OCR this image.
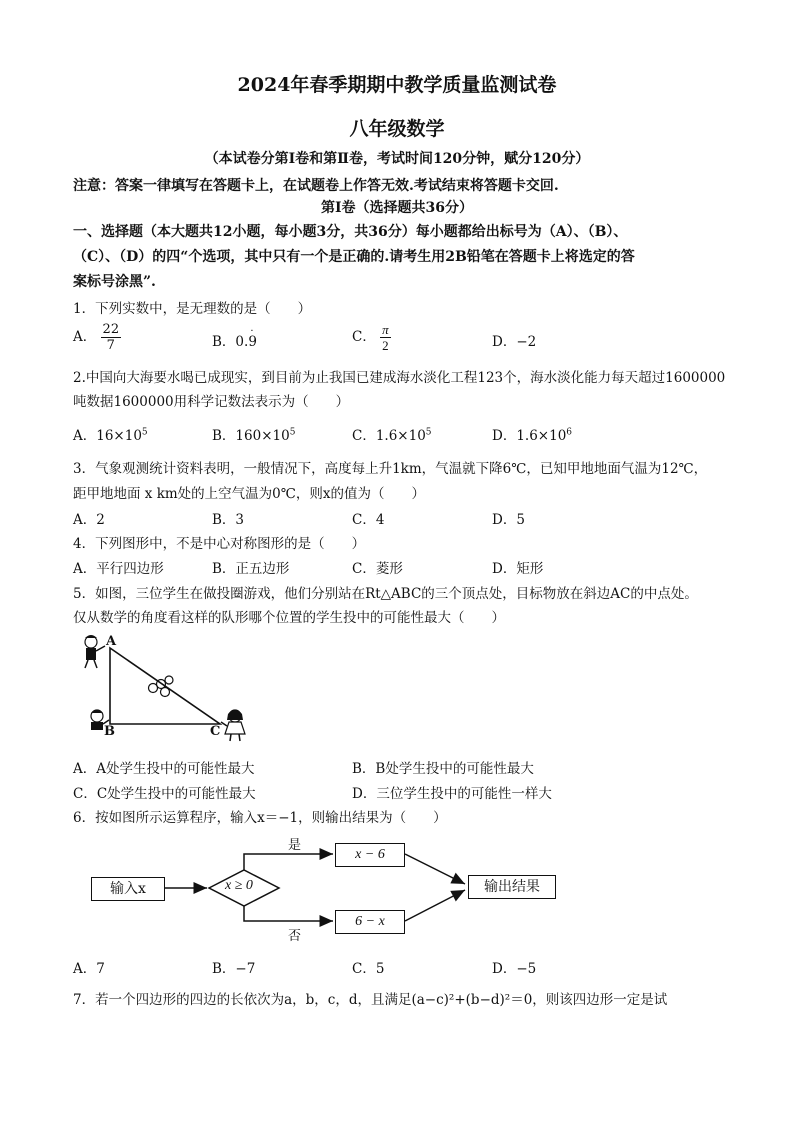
2024年春季期期中教学质量监测试卷
八年级数学
（本试卷分第Ⅰ卷和第Ⅱ卷，考试时间120分钟，赋分120分）
注意：答案一律填写在答题卡上，在试题卷上作答无效.考试结束将答题卡交回.
第Ⅰ卷（选择题共36分）
一、选择题（本大题共12小题，每小题3分，共36分）每小题都给出标号为（A）、（B）、
（C）、（D）的四“个选项，其中只有一个是正确的.请考生用2B铅笔在答题卡上将选定的答
案标号涂黑”.
1．下列实数中，是无理数的是（　　）
A． $\frac{22}{7}$	B．0.9
·	C． $\frac{\pi}{2}$	D．−2
2.中国向大海要水喝已成现实，到目前为止我国已建成海水淡化工程123个，海水淡化能力每天超过1600000
吨数据1600000用科学记数法表示为（　　）
A．$16\times 10^5$	B．$160\times 10^5$	C．$1.6\times 10^5$	D．$1.6\times 10^6$
3．气象观测统计资料表明，一般情况下，高度每上升1km，气温就下降6℃，已知甲地地面气温为12℃，
距甲地地面 x km处的上空气温为0℃，则x的值为（　　）
A．2	B．3	C．4	D．5
4．下列图形中，不是中心对称图形的是（　　）
A．平行四边形	B．正五边形	C．菱形	D．矩形
5．如图，三位学生在做投圈游戏，他们分别站在Rt△ABC的三个顶点处，目标物放在斜边AC的中点处。
仅从数学的角度看这样的队形哪个位置的学生投中的可能性最大（　　）
A
B	C
A．A处学生投中的可能性最大	B．B处学生投中的可能性最大
C．C处学生投中的可能性最大	D．三位学生投中的可能性一样大
6．按如图所示运算程序，输入x＝−1，则输出结果为（　　）
输入x	x ≥ 0
是
否
x − 6
6 − x
输出结果
A．7	B．−7	C．5	D．−5
7．若一个四边形的四边的长依次为a，b，c，d，且满足(a−c)²+(b−d)²＝0，则该四边形一定是试
